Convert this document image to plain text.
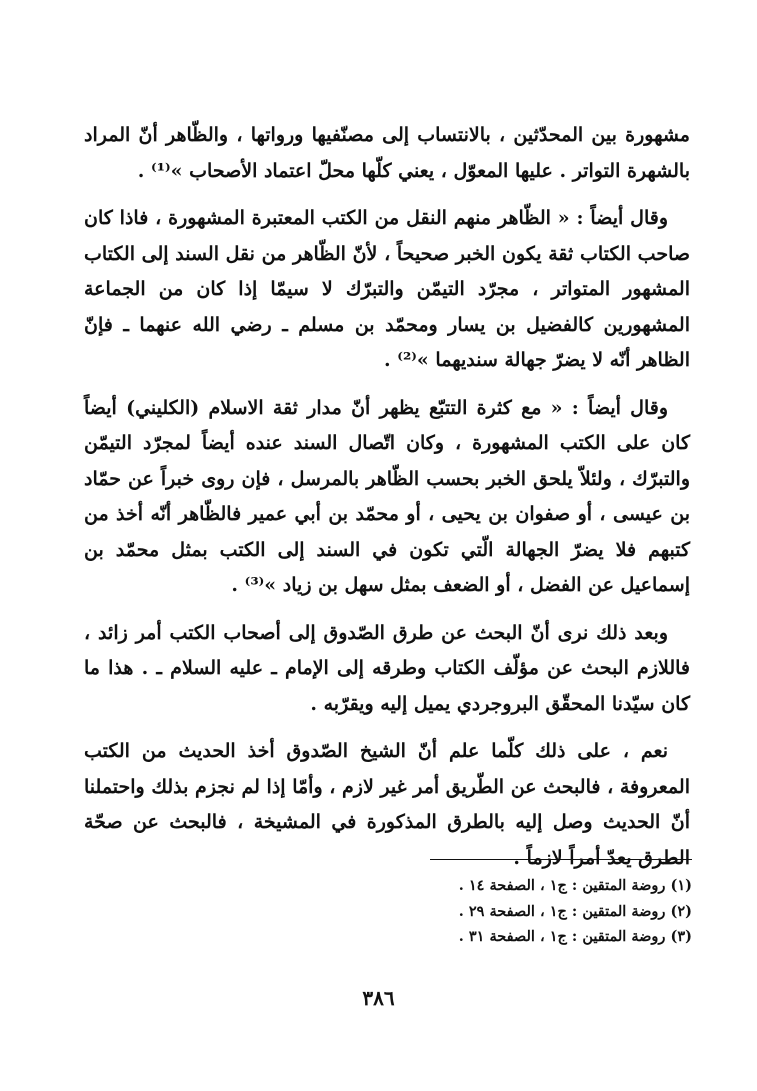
مشهورة بين المحدّثين ، بالانتساب إلى مصنّفيها ورواتها ، والظّاهر أنّ المراد بالشهرة التواتر . عليها المعوّل ، يعني كلّها محلّ اعتماد الأصحاب »⁽¹⁾ .

وقال أيضاً : « الظّاهر منهم النقل من الكتب المعتبرة المشهورة ، فاذا كان صاحب الكتاب ثقة يكون الخبر صحيحاً ، لأنّ الظّاهر من نقل السند إلى الكتاب المشهور المتواتر ، مجرّد التيمّن والتبرّك لا سيمّا إذا كان من الجماعة المشهورين كالفضيل بن يسار ومحمّد بن مسلم ـ رضي الله عنهما ـ فإنّ الظاهر أنّه لا يضرّ جهالة سنديهما »⁽²⁾ .

وقال أيضاً : « مع كثرة التتبّع يظهر أنّ مدار ثقة الاسلام (الكليني) أيضاً كان على الكتب المشهورة ، وكان اتّصال السند عنده أيضاً لمجرّد التيمّن والتبرّك ، ولئلاّ يلحق الخبر بحسب الظّاهر بالمرسل ، فإن روى خبراً عن حمّاد بن عيسى ، أو صفوان بن يحيى ، أو محمّد بن أبي عمير فالظّاهر أنّه أخذ من كتبهم فلا يضرّ الجهالة الّتي تكون في السند إلى الكتب بمثل محمّد بن إسماعيل عن الفضل ، أو الضعف بمثل سهل بن زياد »⁽³⁾ .

وبعد ذلك نرى أنّ البحث عن طرق الصّدوق إلى أصحاب الكتب أمر زائد ، فاللازم البحث عن مؤلّف الكتاب وطرقه إلى الإمام ـ عليه السلام ـ . هذا ما كان سيّدنا المحقّق البروجردي يميل إليه ويقرّبه .

نعم ، على ذلك كلّما علم أنّ الشيخ الصّدوق أخذ الحديث من الكتب المعروفة ، فالبحث عن الطّريق أمر غير لازم ، وأمّا إذا لم نجزم بذلك واحتملنا أنّ الحديث وصل إليه بالطرق المذكورة في المشيخة ، فالبحث عن صحّة الطرق يعدّ أمراً لازماً .

(١) روضة المتقين : ج١ ، الصفحة ١٤ .

(٢) روضة المتقين : ج١ ، الصفحة ٢٩ .

(٣) روضة المتقين : ج١ ، الصفحة ٣١ .

٣٨٦
